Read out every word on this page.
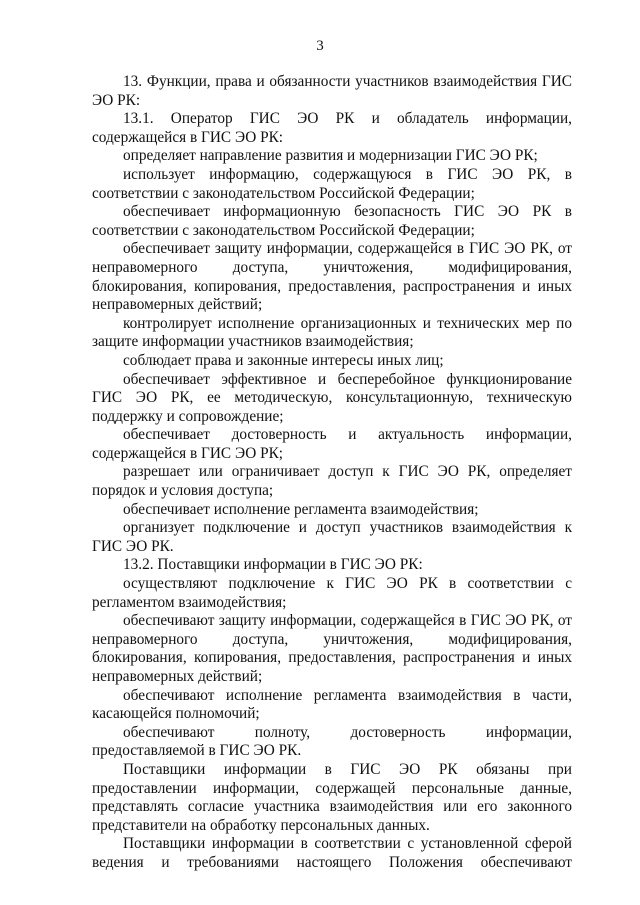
3

13. Функции, права и обязанности участников взаимодействия ГИС ЭО РК:

13.1. Оператор ГИС ЭО РК и обладатель информации, содержащейся в ГИС ЭО РК:

определяет направление развития и модернизации ГИС ЭО РК;

использует информацию, содержащуюся в ГИС ЭО РК, в соответствии с законодательством Российской Федерации;

обеспечивает информационную безопасность ГИС ЭО РК в соответствии с законодательством Российской Федерации;

обеспечивает защиту информации, содержащейся в ГИС ЭО РК, от неправомерного доступа, уничтожения, модифицирования, блокирования, копирования, предоставления, распространения и иных неправомерных действий;

контролирует исполнение организационных и технических мер по защите информации участников взаимодействия;

соблюдает права и законные интересы иных лиц;

обеспечивает эффективное и бесперебойное функционирование ГИС ЭО РК, ее методическую, консультационную, техническую поддержку и сопровождение;

обеспечивает достоверность и актуальность информации, содержащейся в ГИС ЭО РК;

разрешает или ограничивает доступ к ГИС ЭО РК, определяет порядок и условия доступа;

обеспечивает исполнение регламента взаимодействия;

организует подключение и доступ участников взаимодействия к ГИС ЭО РК.

13.2. Поставщики информации в ГИС ЭО РК:

осуществляют подключение к ГИС ЭО РК в соответствии с регламентом взаимодействия;

обеспечивают защиту информации, содержащейся в ГИС ЭО РК, от неправомерного доступа, уничтожения, модифицирования, блокирования, копирования, предоставления, распространения и иных неправомерных действий;

обеспечивают исполнение регламента взаимодействия в части, касающейся полномочий;

обеспечивают полноту, достоверность информации, предоставляемой в ГИС ЭО РК.

Поставщики информации в ГИС ЭО РК обязаны при предоставлении информации, содержащей персональные данные, представлять согласие участника взаимодействия или его законного представители на обработку персональных данных.

Поставщики информации в соответствии с установленной сферой ведения и требованиями настоящего Положения обеспечивают
